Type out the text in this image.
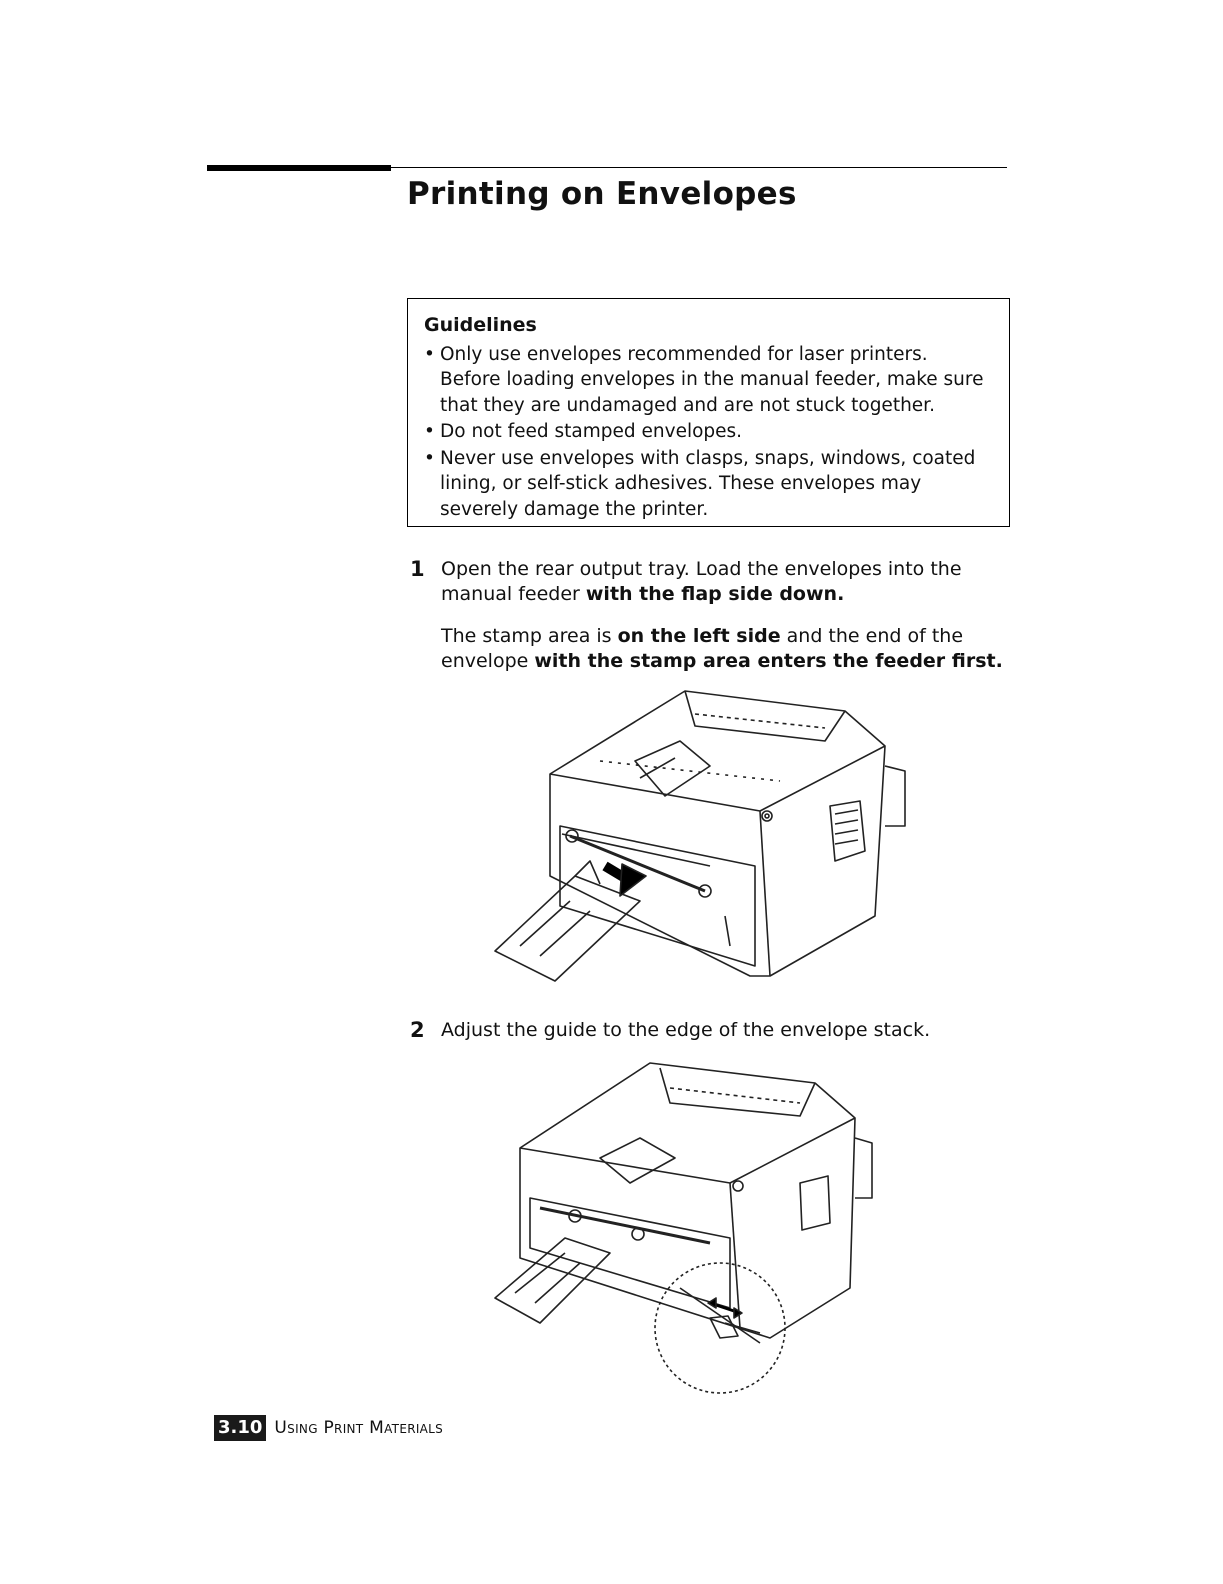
Printing on Envelopes
Guidelines
• Only use envelopes recommended for laser printers. Before loading envelopes in the manual feeder, make sure that they are undamaged and are not stuck together.
• Do not feed stamped envelopes.
• Never use envelopes with clasps, snaps, windows, coated lining, or self-stick adhesives. These envelopes may severely damage the printer.
1 Open the rear output tray. Load the envelopes into the manual feeder with the flap side down.

The stamp area is on the left side and the end of the envelope with the stamp area enters the feeder first.

2 Adjust the guide to the edge of the envelope stack.

3.10 Using Print Materials
